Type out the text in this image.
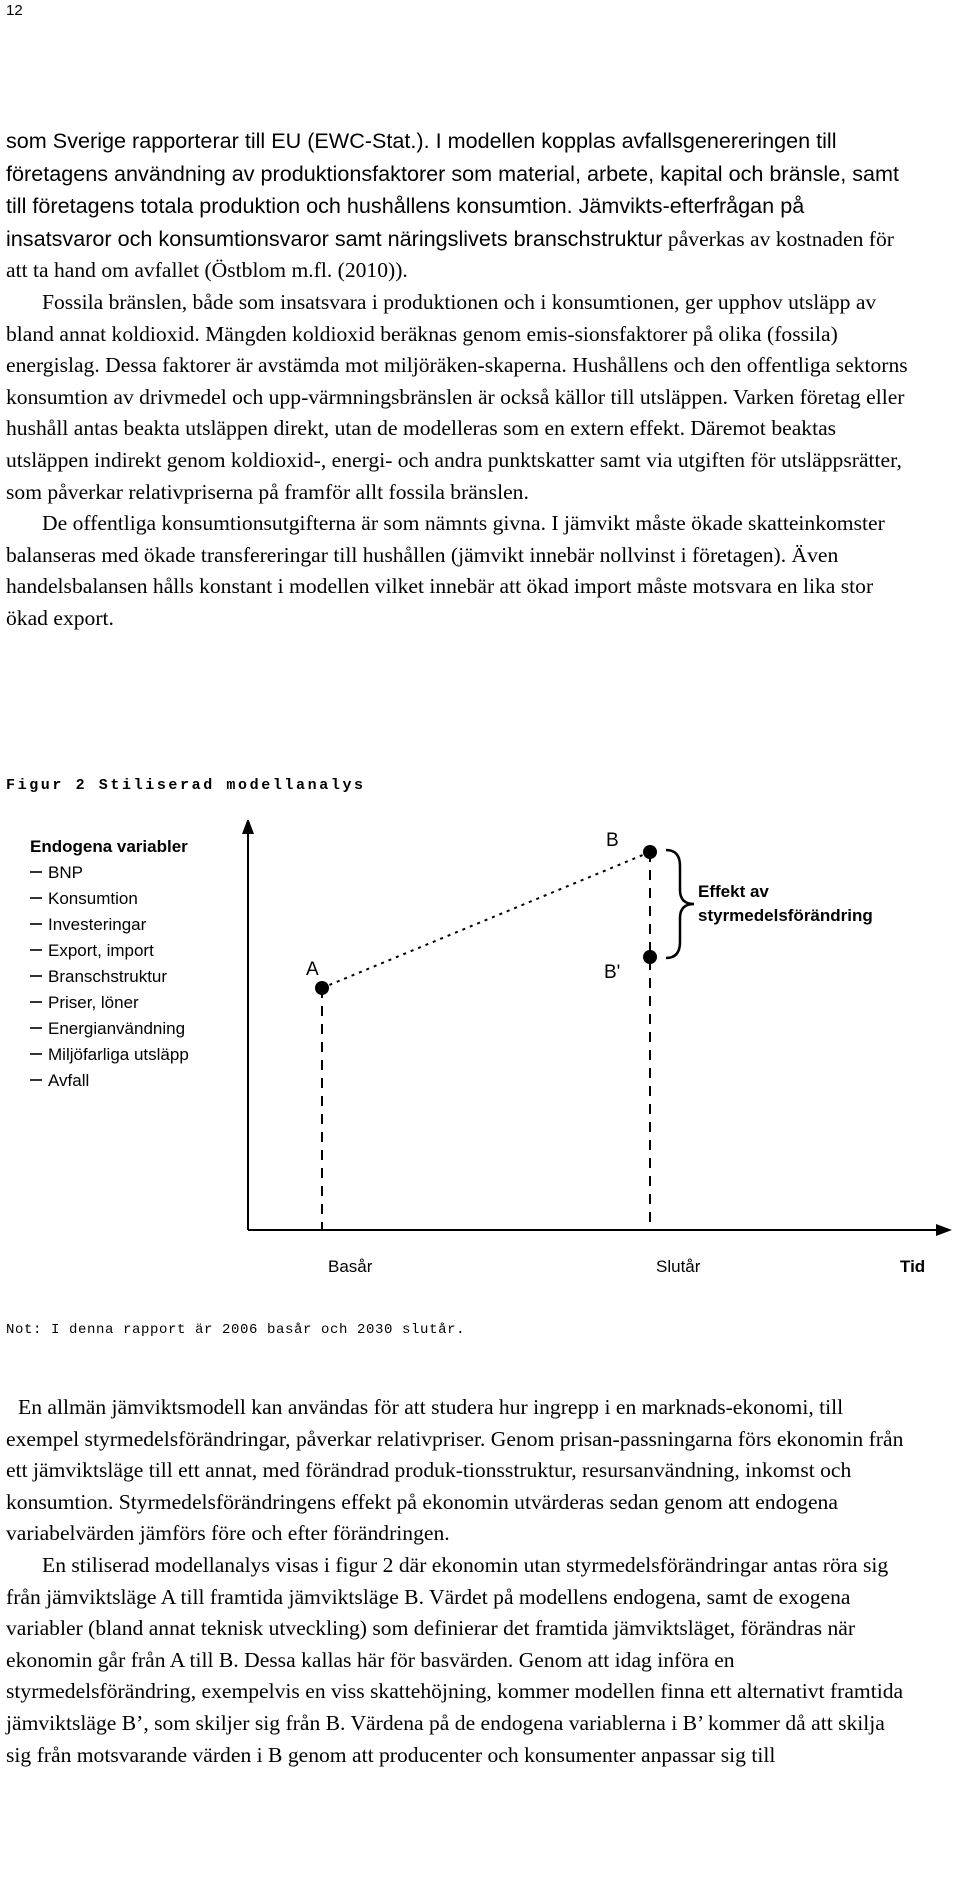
12

som Sverige rapporterar till EU (EWC-Stat.). I modellen kopplas avfallsgenereringen till företagens användning av produktionsfaktorer som material, arbete, kapital och bränsle, samt till företagens totala produktion och hushållens konsumtion. Jämvikts-efterfrågan på insatsvaror och konsumtionsvaror samt näringslivets branschstruktur påverkas av kostnaden för att ta hand om avfallet (Östblom m.fl. (2010)).

Fossila bränslen, både som insatsvara i produktionen och i konsumtionen, ger upphov utsläpp av bland annat koldioxid. Mängden koldioxid beräknas genom emis-sionsfaktorer på olika (fossila) energislag. Dessa faktorer är avstämda mot miljöräken-skaperna. Hushållens och den offentliga sektorns konsumtion av drivmedel och upp-värmningsbränslen är också källor till utsläppen. Varken företag eller hushåll antas beakta utsläppen direkt, utan de modelleras som en extern effekt. Däremot beaktas utsläppen indirekt genom koldioxid-, energi- och andra punktskatter samt via utgiften för utsläppsrätter, som påverkar relativpriserna på framför allt fossila bränslen.

De offentliga konsumtionsutgifterna är som nämnts givna. I jämvikt måste ökade skatteinkomster balanseras med ökade transfereringar till hushållen (jämvikt innebär nollvinst i företagen). Även handelsbalansen hålls konstant i modellen vilket innebär att ökad import måste motsvara en lika stor ökad export.

Figur 2 Stiliserad modellanalys
A
B
B'
Effekt av
styrmedelsförändring
Endogena variabler
BNP
Konsumtion
Investeringar
Export, import
Branschstruktur
Priser, löner
Energianvändning
Miljöfarliga utsläpp
Avfall
Basår	Slutår	Tid
Not: I denna rapport är 2006 basår och 2030 slutår.

En allmän jämviktsmodell kan användas för att studera hur ingrepp i en marknads-ekonomi, till exempel styrmedelsförändringar, påverkar relativpriser. Genom prisan-passningarna förs ekonomin från ett jämviktsläge till ett annat, med förändrad produk-tionsstruktur, resursanvändning, inkomst och konsumtion. Styrmedelsförändringens effekt på ekonomin utvärderas sedan genom att endogena variabelvärden jämförs före och efter förändringen.

En stiliserad modellanalys visas i figur 2 där ekonomin utan styrmedelsförändringar antas röra sig från jämviktsläge A till framtida jämviktsläge B. Värdet på modellens endogena, samt de exogena variabler (bland annat teknisk utveckling) som definierar det framtida jämviktsläget, förändras när ekonomin går från A till B. Dessa kallas här för basvärden. Genom att idag införa en styrmedelsförändring, exempelvis en viss skattehöjning, kommer modellen finna ett alternativt framtida jämviktsläge B’, som skiljer sig från B. Värdena på de endogena variablerna i B’ kommer då att skilja sig från motsvarande värden i B genom att producenter och konsumenter anpassar sig till
